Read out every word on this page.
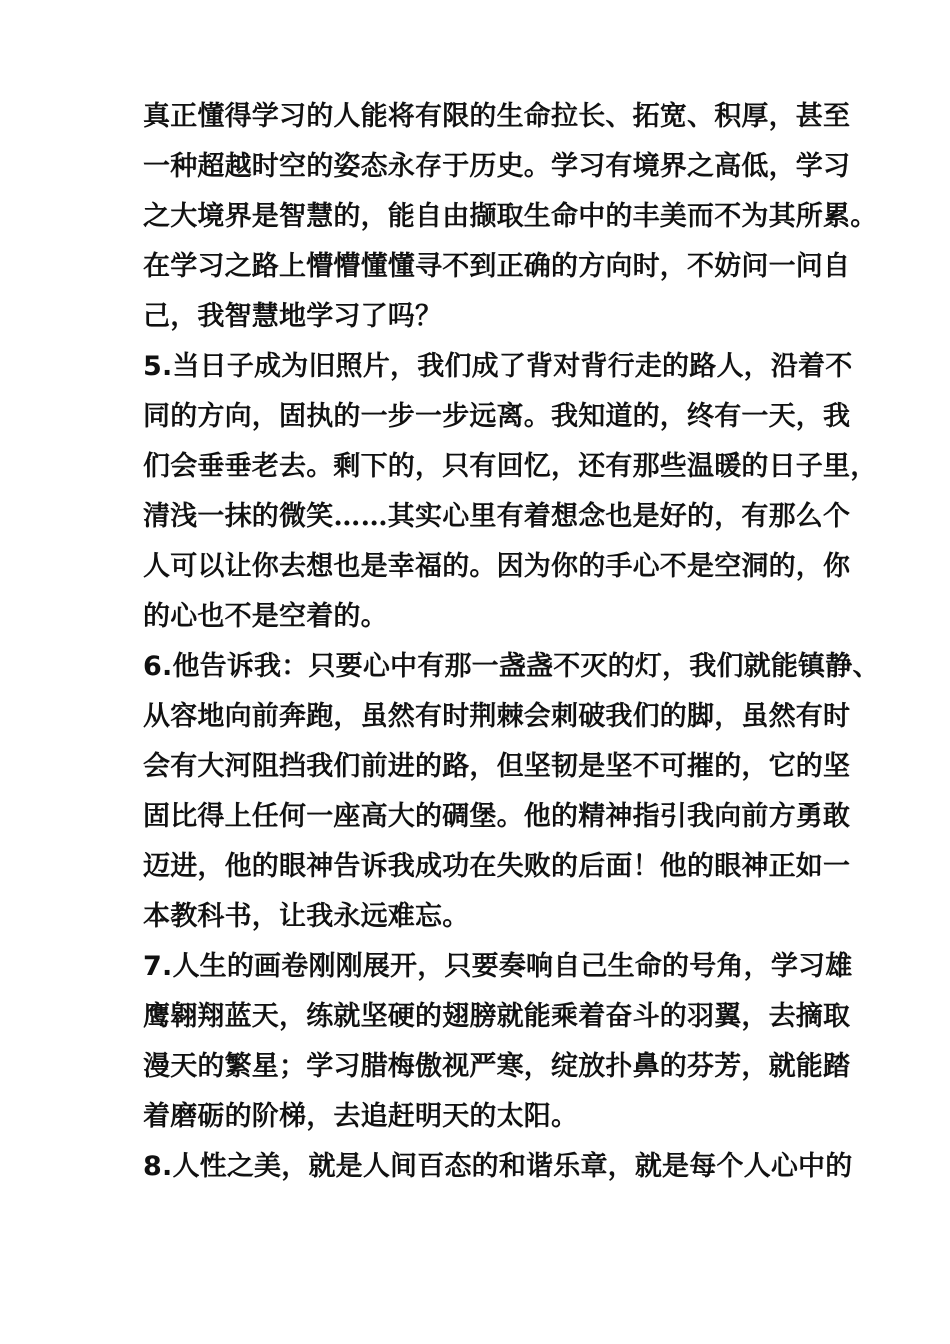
真正懂得学习的人能将有限的生命拉长、拓宽、积厚，甚至
一种超越时空的姿态永存于历史。学习有境界之高低，学习
之大境界是智慧的，能自由撷取生命中的丰美而不为其所累。
在学习之路上懵懵懂懂寻不到正确的方向时，不妨问一问自
己，我智慧地学习了吗？
5.当日子成为旧照片，我们成了背对背行走的路人，沿着不
同的方向，固执的一步一步远离。我知道的，终有一天，我
们会垂垂老去。剩下的，只有回忆，还有那些温暖的日子里，
清浅一抹的微笑……其实心里有着想念也是好的，有那么个
人可以让你去想也是幸福的。因为你的手心不是空洞的，你
的心也不是空着的。
6.他告诉我：只要心中有那一盏盏不灭的灯，我们就能镇静、
从容地向前奔跑，虽然有时荆棘会刺破我们的脚，虽然有时
会有大河阻挡我们前进的路，但坚韧是坚不可摧的，它的坚
固比得上任何一座高大的碉堡。他的精神指引我向前方勇敢
迈进，他的眼神告诉我成功在失败的后面！他的眼神正如一
本教科书，让我永远难忘。
7.人生的画卷刚刚展开，只要奏响自己生命的号角，学习雄
鹰翱翔蓝天，练就坚硬的翅膀就能乘着奋斗的羽翼，去摘取
漫天的繁星；学习腊梅傲视严寒，绽放扑鼻的芬芳，就能踏
着磨砺的阶梯，去追赶明天的太阳。
8.人性之美，就是人间百态的和谐乐章，就是每个人心中的
